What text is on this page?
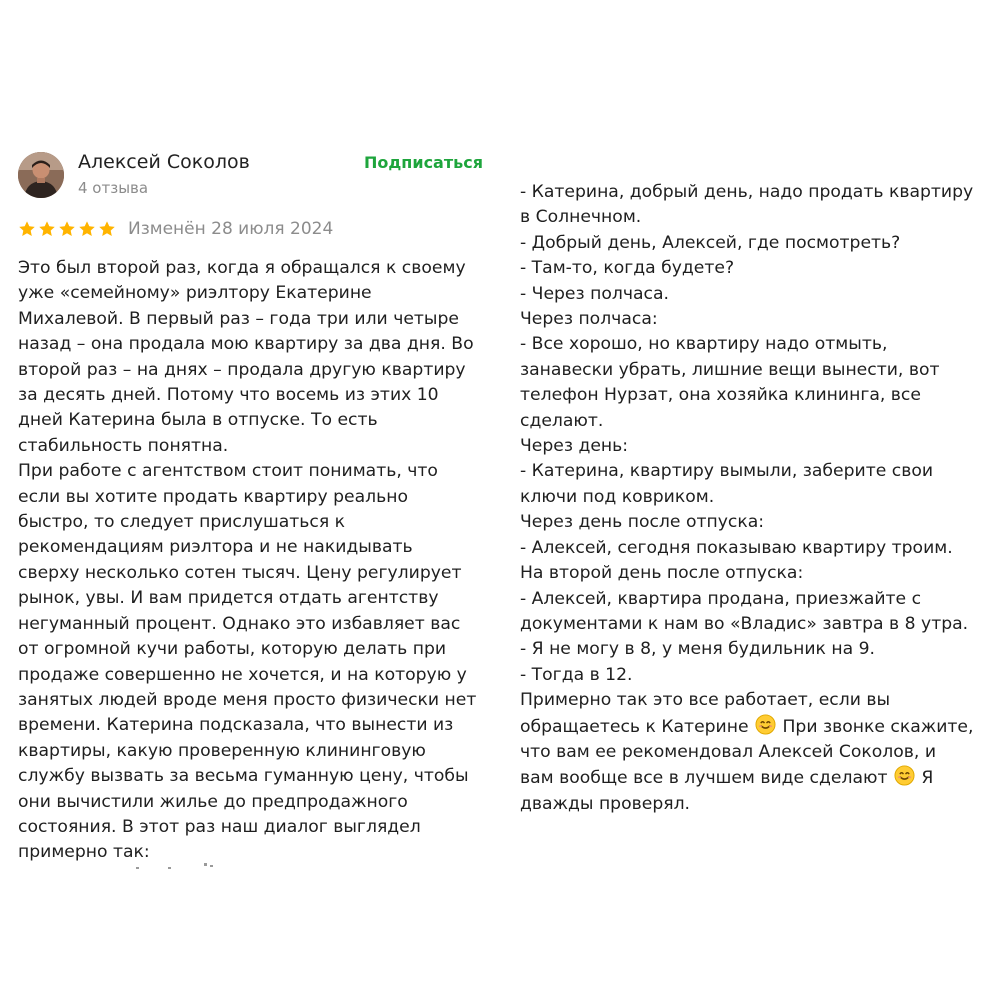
Алексей Соколов
4 отзыва
Подписаться
Изменён 28 июля 2024
Это был второй раз, когда я обращался к своему
уже «семейному» риэлтору Екатерине
Михалевой. В первый раз – года три или четыре
назад – она продала мою квартиру за два дня. Во
второй раз – на днях – продала другую квартиру
за десять дней. Потому что восемь из этих 10
дней Катерина была в отпуске. То есть
стабильность понятна.
При работе с агентством стоит понимать, что
если вы хотите продать квартиру реально
быстро, то следует прислушаться к
рекомендациям риэлтора и не накидывать
сверху несколько сотен тысяч. Цену регулирует
рынок, увы. И вам придется отдать агентству
негуманный процент. Однако это избавляет вас
от огромной кучи работы, которую делать при
продаже совершенно не хочется, и на которую у
занятых людей вроде меня просто физически нет
времени. Катерина подсказала, что вынести из
квартиры, какую проверенную клининговую
службу вызвать за весьма гуманную цену, чтобы
они вычистили жилье до предпродажного
состояния. В этот раз наш диалог выглядел
примерно так:
- Катерина, добрый день, надо продать квартиру
в Солнечном.
- Добрый день, Алексей, где посмотреть?
- Там-то, когда будете?
- Через полчаса.
Через полчаса:
- Все хорошо, но квартиру надо отмыть,
занавески убрать, лишние вещи вынести, вот
телефон Нурзат, она хозяйка клининга, все
сделают.
Через день:
- Катерина, квартиру вымыли, заберите свои
ключи под ковриком.
Через день после отпуска:
- Алексей, сегодня показываю квартиру троим.
На второй день после отпуска:
- Алексей, квартира продана, приезжайте с
документами к нам во «Владис» завтра в 8 утра.
- Я не могу в 8, у меня будильник на 9.
- Тогда в 12.
Примерно так это все работает, если вы
обращаетесь к Катерине При звонке скажите,
что вам ее рекомендовал Алексей Соколов, и
вам вообще все в лучшем виде сделают Я
дважды проверял.
